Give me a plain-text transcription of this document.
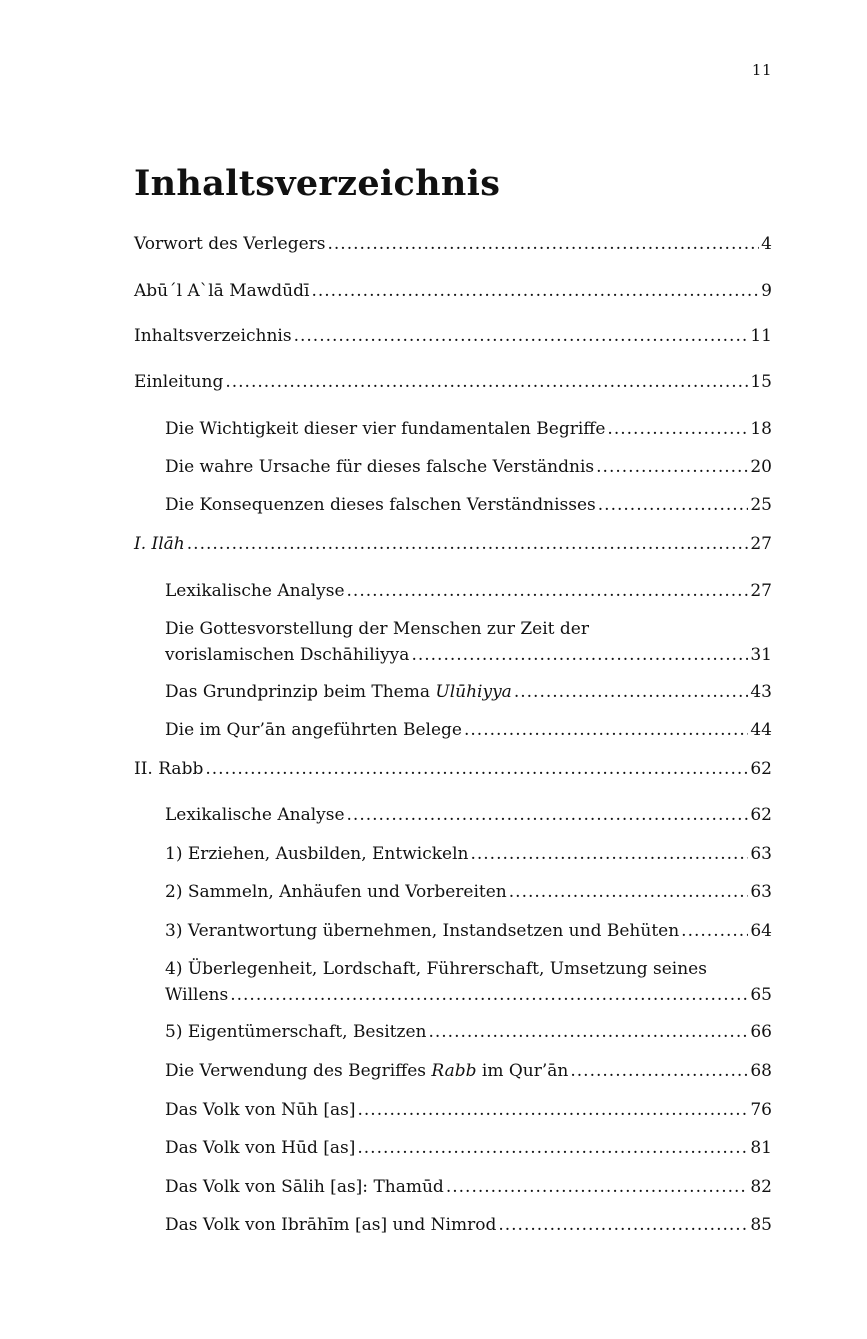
11
Inhaltsverzeichnis
Vorwort des Verlegers .....	4
Abū´l A`lā Mawdūdī .....	9
Inhaltsverzeichnis .....	11
Einleitung .....	15
Die Wichtigkeit dieser vier fundamentalen Begriffe .....	18
Die wahre Ursache für dieses falsche Verständnis .....	20
Die Konsequenzen dieses falschen Verständnisses .....	25
I. Ilāh .....	27
Lexikalische Analyse .....	27
Die Gottesvorstellung der Menschen zur Zeit der
vorislamischen Dschāhiliyya .....	31
Das Grundprinzip beim Thema Ulūhiyya .....	43
Die im Qur’ān angeführten Belege .....	44
II. Rabb .....	62
Lexikalische Analyse .....	62
1) Erziehen, Ausbilden, Entwickeln .....	63
2) Sammeln, Anhäufen und Vorbereiten .....	63
3) Verantwortung übernehmen, Instandsetzen und Behüten .....	64
4) Überlegenheit, Lordschaft, Führerschaft, Umsetzung seines
Willens .....	65
5) Eigentümerschaft, Besitzen .....	66
Die Verwendung des Begriffes Rabb im Qur’ān .....	68
Das Volk von Nūh [as] .....	76
Das Volk von Hūd [as] .....	81
Das Volk von Sālih [as]: Thamūd .....	82
Das Volk von Ibrāhīm [as] und Nimrod .....	85
